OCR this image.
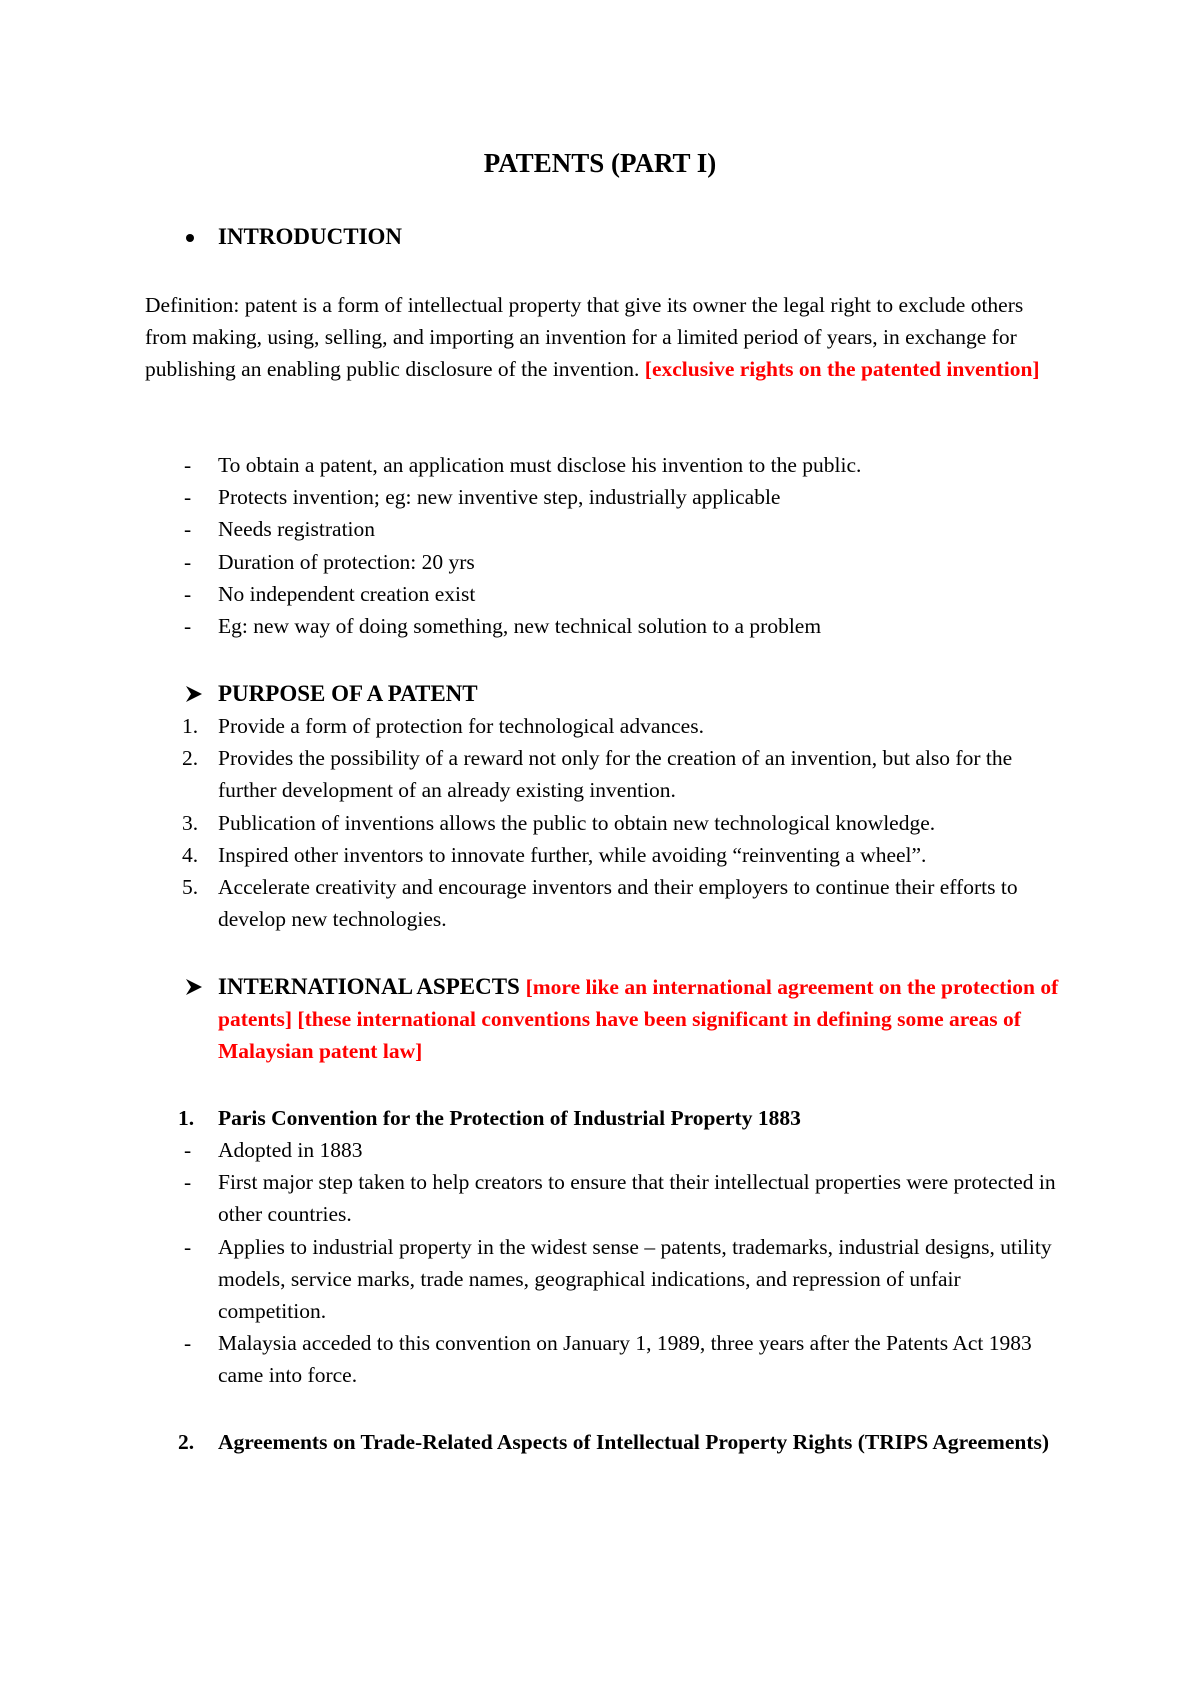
PATENTS (PART I)
INTRODUCTION

Definition: patent is a form of intellectual property that give its owner the legal right to exclude others from making, using, selling, and importing an invention for a limited period of years, in exchange for publishing an enabling public disclosure of the invention. [exclusive rights on the patented invention]

- To obtain a patent, an application must disclose his invention to the public.
- Protects invention; eg: new inventive step, industrially applicable
- Needs registration
- Duration of protection: 20 yrs
- No independent creation exist
- Eg: new way of doing something, new technical solution to a problem
PURPOSE OF A PATENT
1. Provide a form of protection for technological advances.
2. Provides the possibility of a reward not only for the creation of an invention, but also for the further development of an already existing invention.
3. Publication of inventions allows the public to obtain new technological knowledge.
4. Inspired other inventors to innovate further, while avoiding “reinventing a wheel”.
5. Accelerate creativity and encourage inventors and their employers to continue their efforts to develop new technologies.
INTERNATIONAL ASPECTS [more like an international agreement on the protection of patents] [these international conventions have been significant in defining some areas of Malaysian patent law]
1. Paris Convention for the Protection of Industrial Property 1883
- Adopted in 1883
- First major step taken to help creators to ensure that their intellectual properties were protected in other countries.
- Applies to industrial property in the widest sense – patents, trademarks, industrial designs, utility models, service marks, trade names, geographical indications, and repression of unfair competition.
- Malaysia acceded to this convention on January 1, 1989, three years after the Patents Act 1983 came into force.
2. Agreements on Trade-Related Aspects of Intellectual Property Rights (TRIPS Agreements)
